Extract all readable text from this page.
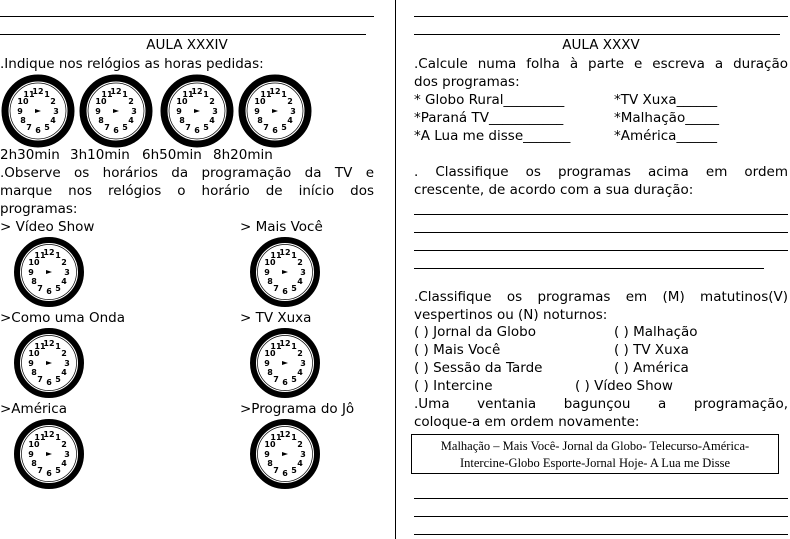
AULA XXXIV
.Indique nos relógios as horas pedidas:
2h30min 3h10min 6h50min 8h20min
.Observe os horários da programação da TV e
marque nos relógios o horário de início dos
programas:
> Vídeo Show	> Mais Você
>Como uma Onda	> TV Xuxa
>América	>Programa do Jô
AULA XXXV
.Calcule numa folha à parte e escreva a duração
dos programas:
* Globo Rural_________	*TV Xuxa______
*Paraná TV___________	*Malhação_____
*A Lua me disse_______	*América______
. Classifique os programas acima em ordem
crescente, de acordo com a sua duração:
.Classifique os programas em (M) matutinos(V)
vespertinos ou (N) noturnos:
( ) Jornal da Globo	( ) Malhação
( ) Mais Você	( ) TV Xuxa
( ) Sessão da Tarde	( ) América
( ) Intercine	( ) Vídeo Show
.Uma ventania bagunçou a programação,
coloque-a em ordem novamente:
Malhação – Mais Você- Jornal da Globo- Telecurso-América-
Intercine-Globo Esporte-Jornal Hoje- A Lua me Disse
